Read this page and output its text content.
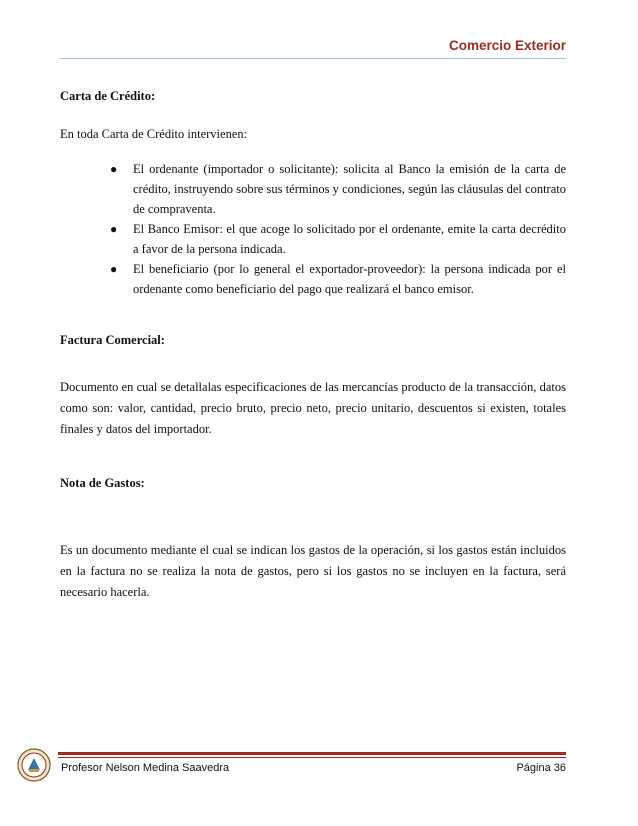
Comercio Exterior
Carta de Crédito:
En toda Carta de Crédito intervienen:
● El ordenante (importador o solicitante): solicita al Banco la emisión de la carta de crédito, instruyendo sobre sus términos y condiciones, según las cláusulas del contrato de compraventa.
● El Banco Emisor: el que acoge lo solicitado por el ordenante, emite la carta decrédito a favor de la persona indicada.
● El beneficiario (por lo general el exportador-proveedor): la persona indicada por el ordenante como beneficiario del pago que realizará el banco emisor.
Factura Comercial:
Documento en cual se detallalas especificaciones de las mercancías producto de la transacción, datos como son: valor, cantidad, precio bruto, precio neto, precio unitario, descuentos si existen, totales finales y datos del importador.
Nota de Gastos:
Es un documento mediante el cual se indican los gastos de la operación, si los gastos están incluidos en la factura no se realiza la nota de gastos, pero si los gastos no se incluyen en la factura, será necesario hacerla.
Profesor Nelson Medina Saavedra	Página 36
